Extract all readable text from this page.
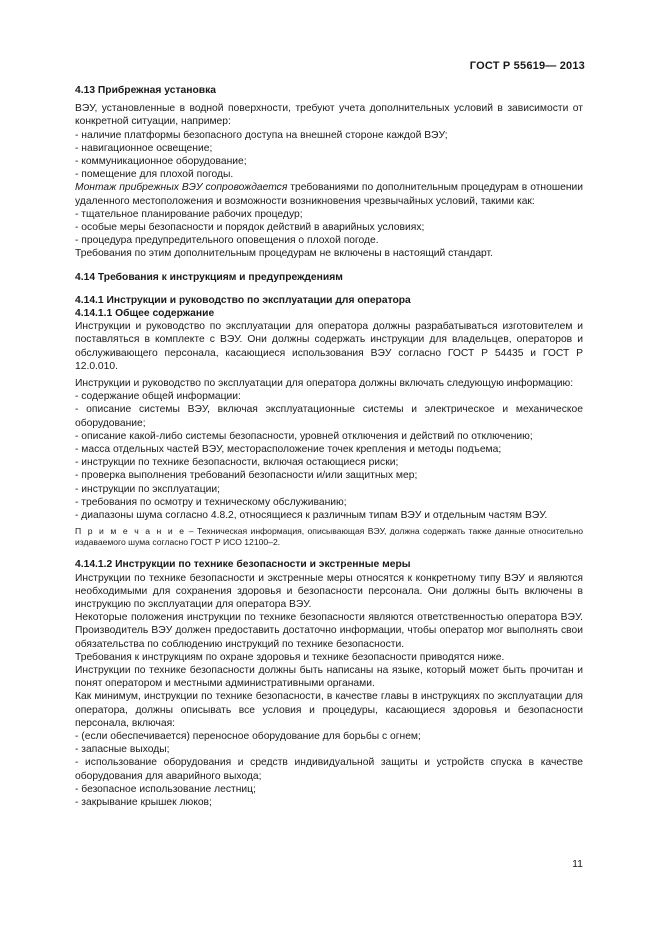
ГОСТ Р 55619— 2013

4.13 Прибрежная установка

ВЭУ, установленные в водной поверхности, требуют учета дополнительных условий в зависимости от конкретной ситуации, например:

- наличие платформы безопасного доступа на внешней стороне каждой ВЭУ;

- навигационное освещение;

- коммуникационное оборудование;

- помещение для плохой погоды.

Монтаж прибрежных ВЭУ сопровождается требованиями по дополнительным процедурам в отношении удаленного местоположения и возможности возникновения чрезвычайных условий, такими как:

- тщательное планирование рабочих процедур;

- особые меры безопасности и порядок действий в аварийных условиях;

- процедура предупредительного оповещения о плохой погоде.

Требования по этим дополнительным процедурам не включены в настоящий стандарт.

4.14 Требования к инструкциям и предупреждениям

4.14.1 Инструкции и руководство по эксплуатации для оператора

4.14.1.1 Общее содержание

Инструкции и руководство по эксплуатации для оператора должны разрабатываться изготовителем и поставляться в комплекте с ВЭУ. Они должны содержать инструкции для владельцев, операторов и обслуживающего персонала, касающиеся использования ВЭУ согласно ГОСТ Р 54435 и ГОСТ Р 12.0.010.

Инструкции и руководство по эксплуатации для оператора должны включать следующую информацию:

- содержание общей информации:

- описание системы ВЭУ, включая эксплуатационные системы и электрическое и механическое оборудование;

- описание какой-либо системы безопасности, уровней отключения и действий по отключению;

- масса отдельных частей ВЭУ, месторасположение точек крепления и методы подъема;

- инструкции по технике безопасности, включая остающиеся риски;

- проверка выполнения требований безопасности и/или защитных мер;

- инструкции по эксплуатации;

- требования по осмотру и техническому обслуживанию;

- диапазоны шума согласно 4.8.2, относящиеся к различным типам ВЭУ и отдельным частям ВЭУ.

П р и м е ч а н и е – Техническая информация, описывающая ВЭУ, должна содержать также данные относительно издаваемого шума согласно ГОСТ Р ИСО 12100–2.

4.14.1.2 Инструкции по технике безопасности и экстренные меры

Инструкции по технике безопасности и экстренные меры относятся к конкретному типу ВЭУ и являются необходимыми для сохранения здоровья и безопасности персонала. Они должны быть включены в инструкцию по эксплуатации для оператора ВЭУ.

Некоторые положения инструкции по технике безопасности являются ответственностью оператора ВЭУ. Производитель ВЭУ должен предоставить достаточно информации, чтобы оператор мог выполнять свои обязательства по соблюдению инструкций по технике безопасности.

Требования к инструкциям по охране здоровья и технике безопасности приводятся ниже.

Инструкции по технике безопасности должны быть написаны на языке, который может быть прочитан и понят оператором и местными административными органами.

Как минимум, инструкции по технике безопасности, в качестве главы в инструкциях по эксплуатации для оператора, должны описывать все условия и процедуры, касающиеся здоровья и безопасности персонала, включая:

- (если обеспечивается) переносное оборудование для борьбы с огнем;

- запасные выходы;

- использование оборудования и средств индивидуальной защиты и устройств спуска в качестве оборудования для аварийного выхода;

- безопасное использование лестниц;

- закрывание крышек люков;

11
